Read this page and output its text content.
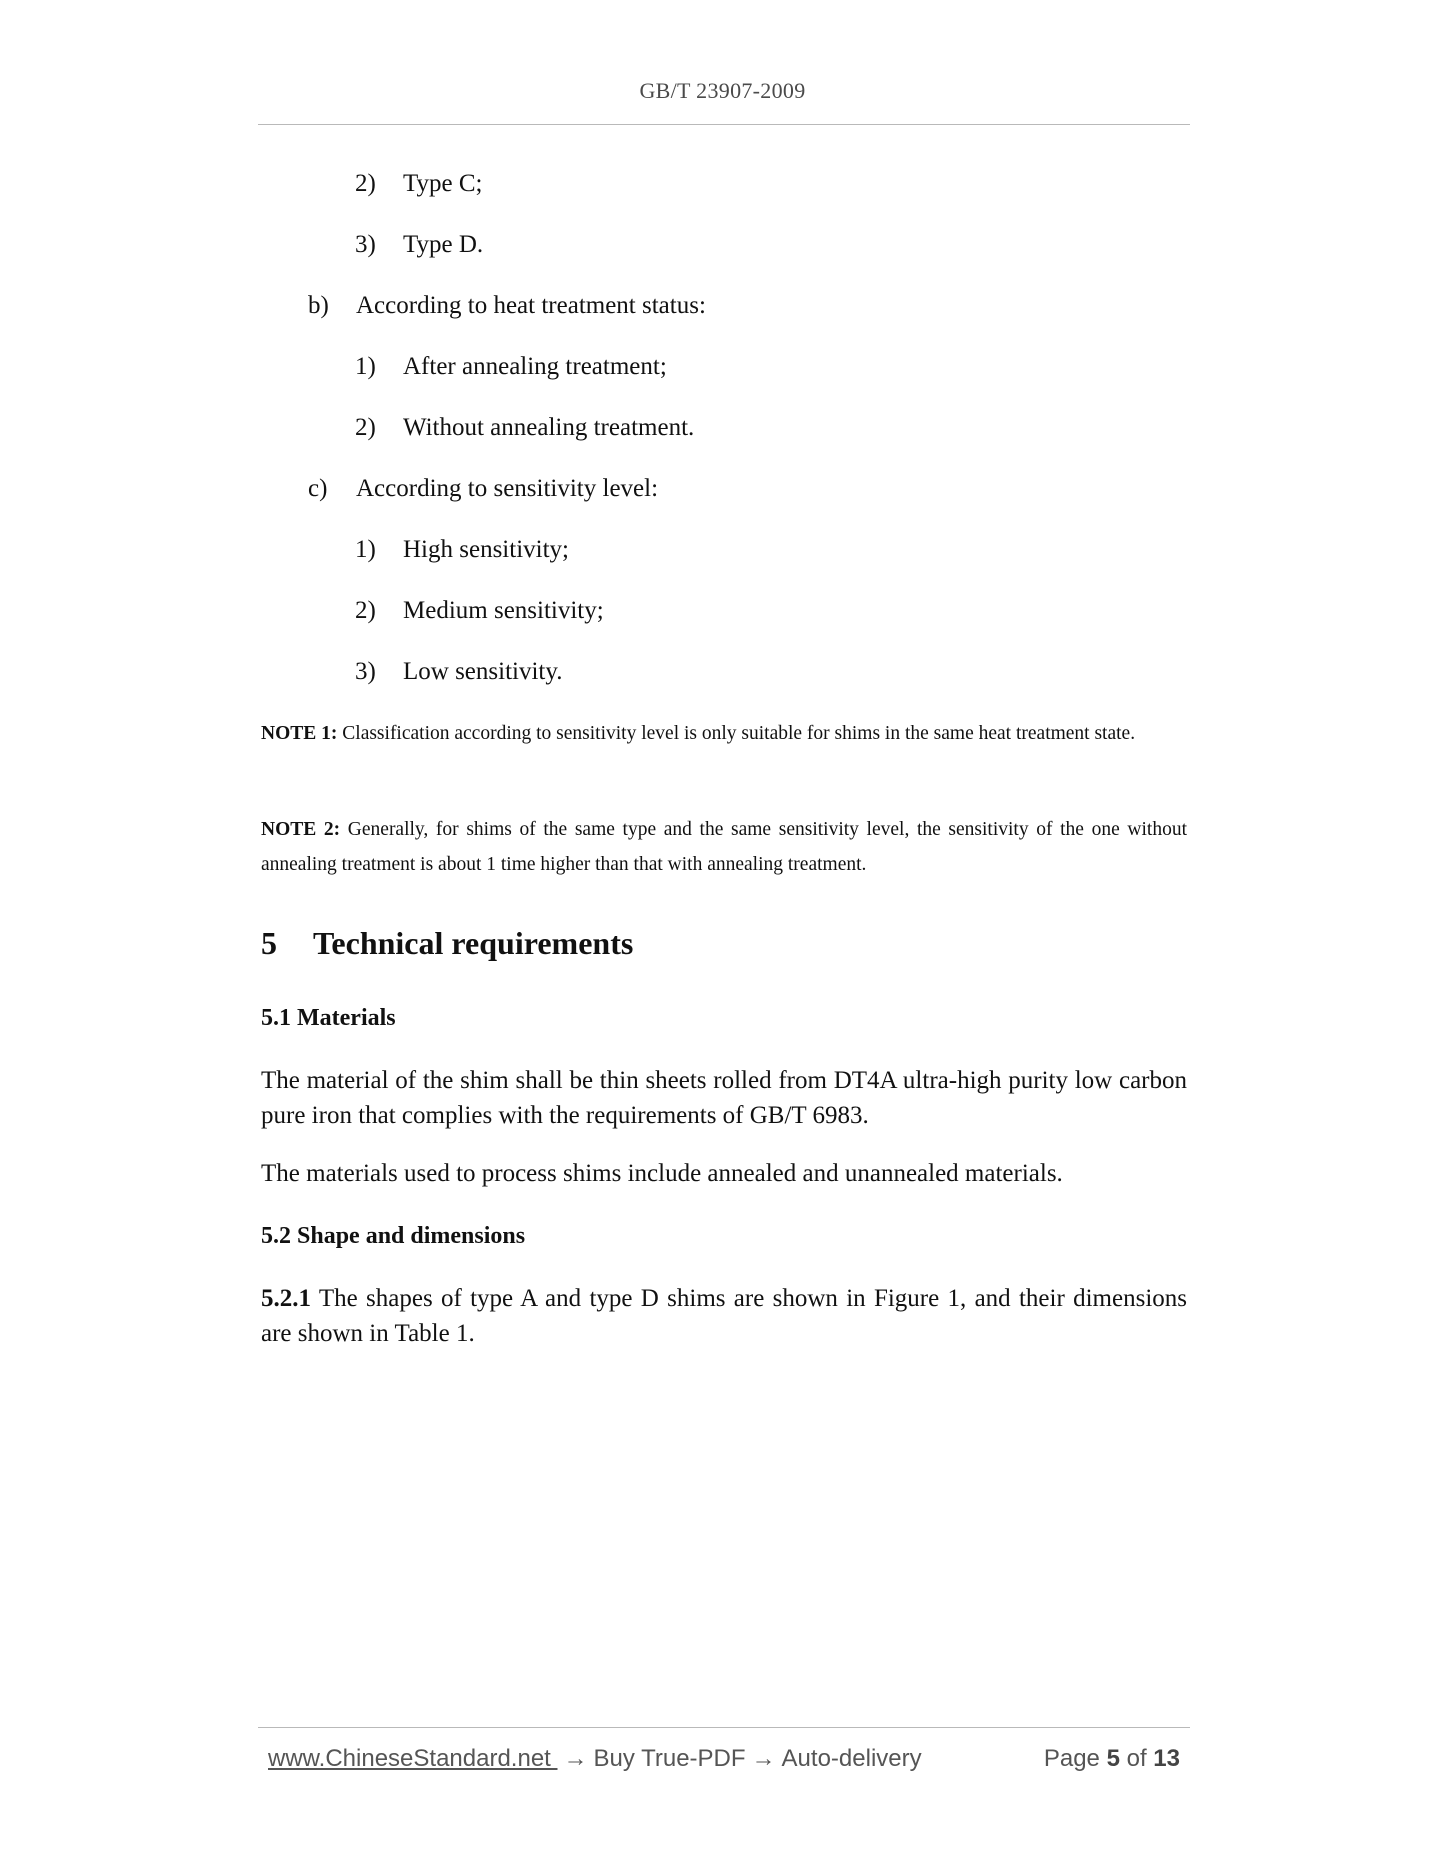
GB/T 23907-2009
2) Type C;
3) Type D.
b) According to heat treatment status:
1) After annealing treatment;
2) Without annealing treatment.
c) According to sensitivity level:
1) High sensitivity;
2) Medium sensitivity;
3) Low sensitivity.
NOTE 1: Classification according to sensitivity level is only suitable for shims in the same heat treatment state.
NOTE 2: Generally, for shims of the same type and the same sensitivity level, the sensitivity of the one without annealing treatment is about 1 time higher than that with annealing treatment.
5 Technical requirements
5.1 Materials
The material of the shim shall be thin sheets rolled from DT4A ultra-high purity low carbon pure iron that complies with the requirements of GB/T 6983.
The materials used to process shims include annealed and unannealed materials.
5.2 Shape and dimensions
5.2.1 The shapes of type A and type D shims are shown in Figure 1, and their dimensions are shown in Table 1.
www.ChineseStandard.net → Buy True-PDF → Auto-delivery	Page 5 of 13
